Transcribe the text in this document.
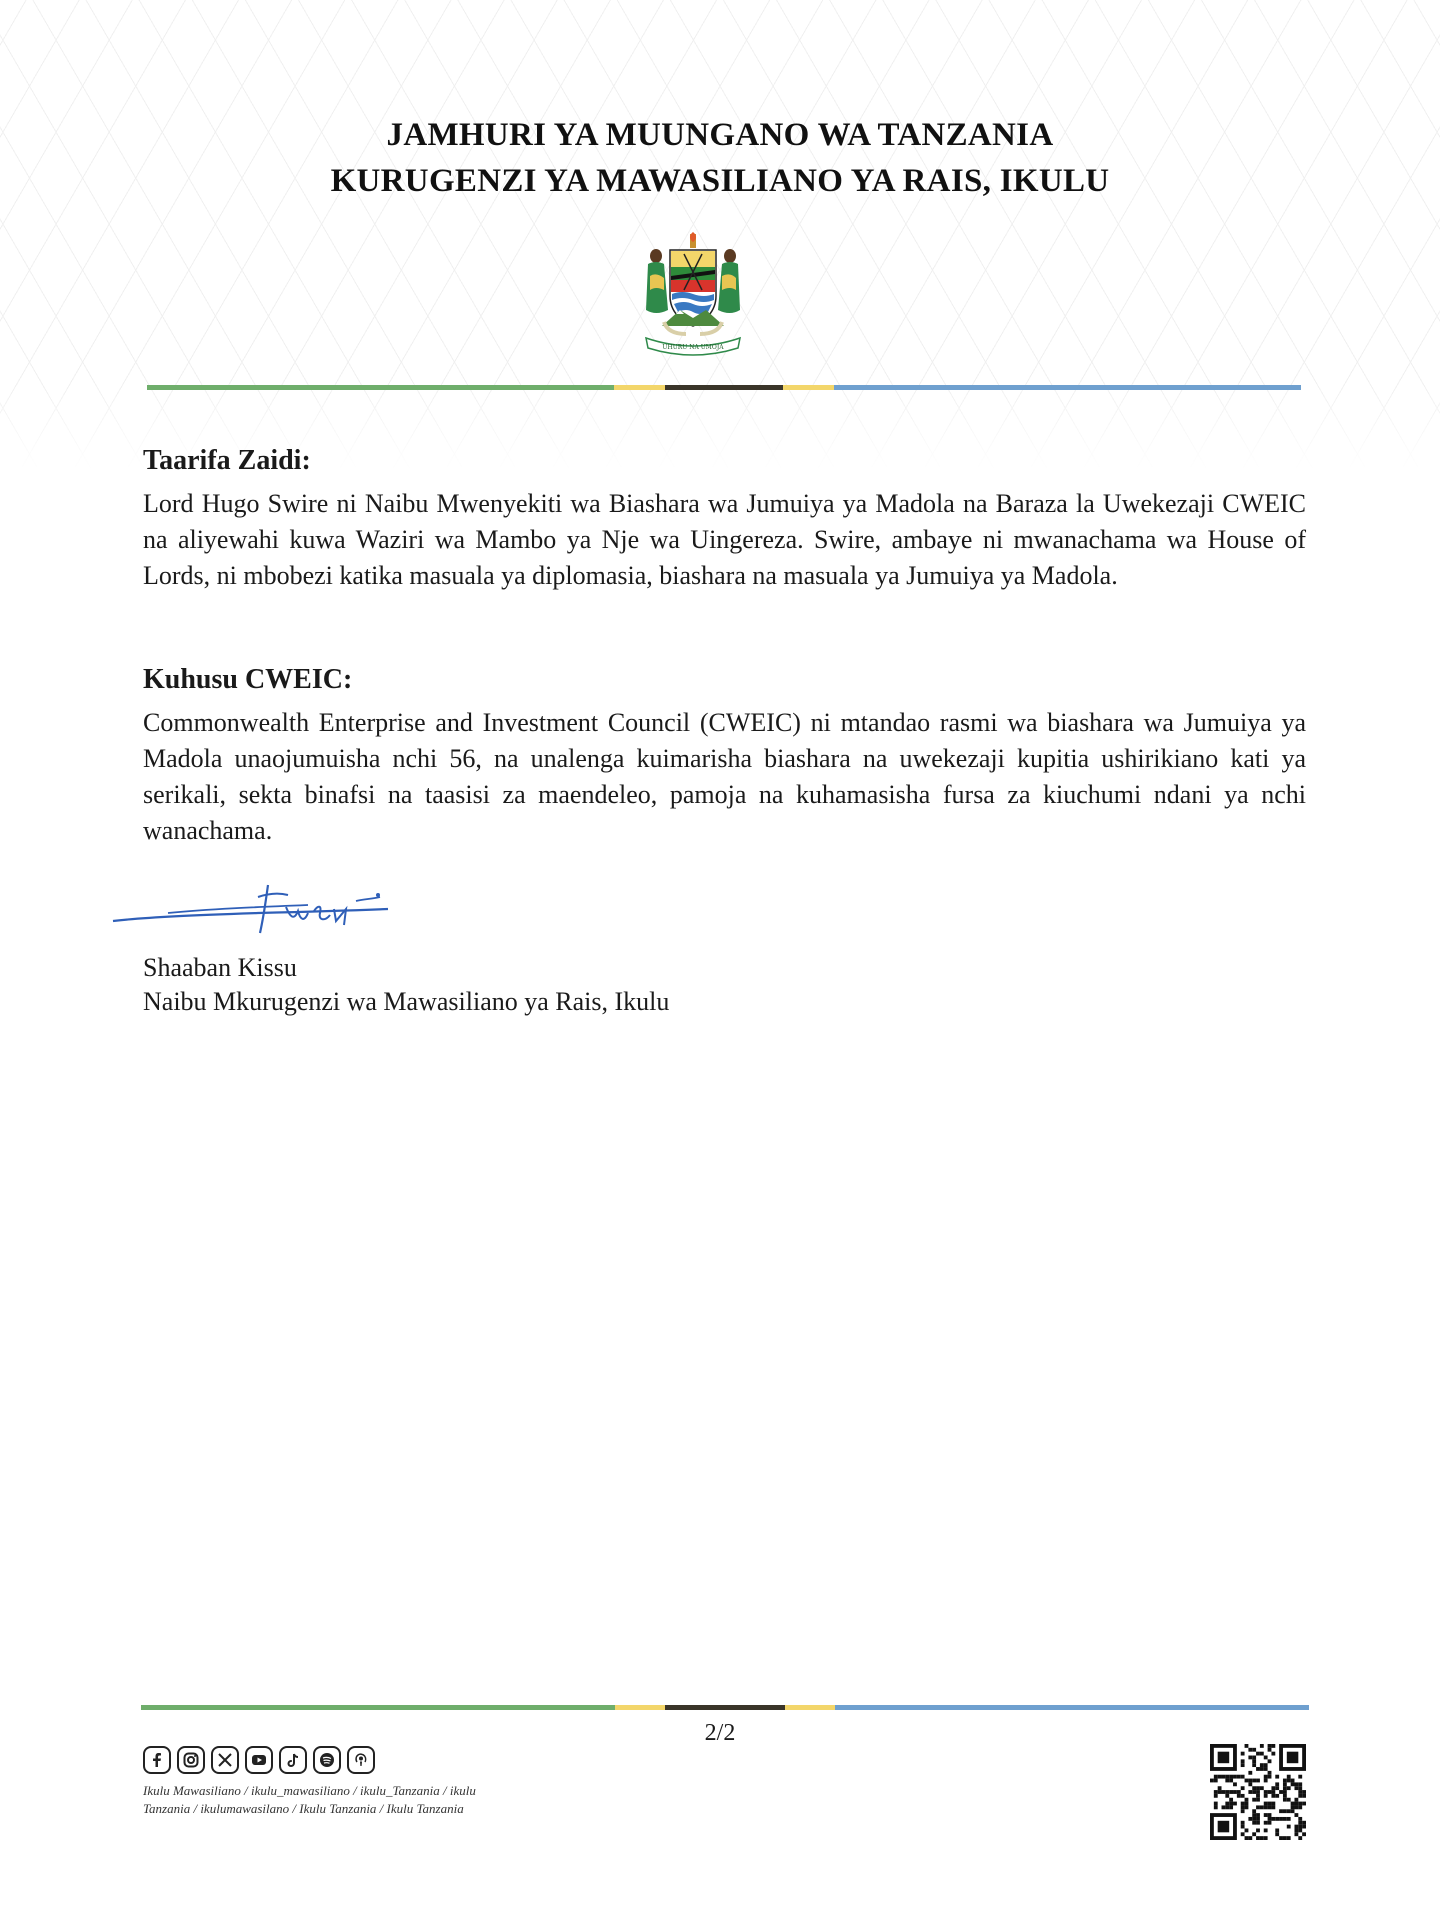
JAMHURI YA MUUNGANO WA TANZANIA
KURUGENZI YA MAWASILIANO YA RAIS, IKULU
UHURU NA UMOJA
Taarifa Zaidi:
Lord Hugo Swire ni Naibu Mwenyekiti wa Biashara wa Jumuiya ya Madola na Baraza la Uwekezaji CWEIC na aliyewahi kuwa Waziri wa Mambo ya Nje wa Uingereza. Swire, ambaye ni mwanachama wa House of Lords, ni mbobezi katika masuala ya diplomasia, biashara na masuala ya Jumuiya ya Madola.
Kuhusu CWEIC:
Commonwealth Enterprise and Investment Council (CWEIC) ni mtandao rasmi wa biashara wa Jumuiya ya Madola unaojumuisha nchi 56, na unalenga kuimarisha biashara na uwekezaji kupitia ushirikiano kati ya serikali, sekta binafsi na taasisi za maendeleo, pamoja na kuhamasisha fursa za kiuchumi ndani ya nchi wanachama.
Shaaban Kissu
Naibu Mkurugenzi wa Mawasiliano ya Rais, Ikulu
2/2
Ikulu Mawasiliano / ikulu_mawasiliano / ikulu_Tanzania / ikulu Tanzania / ikulumawasilano / Ikulu Tanzania / Ikulu Tanzania
